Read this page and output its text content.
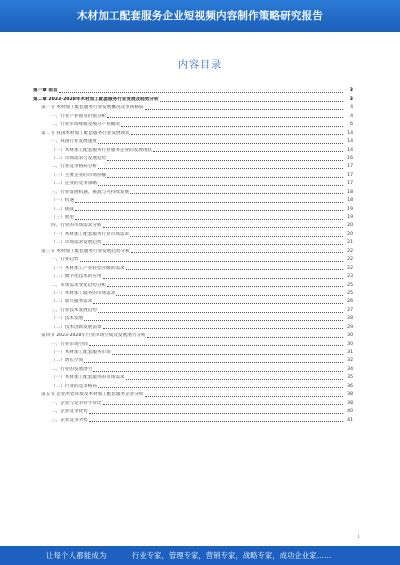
木材加工配套服务企业短视频内容制作策略研究报告
内容目录
第一章 前言	3
第二章 2023-2028年木材加工配套服务行业发展及趋势分析	3
第一节 木材加工配套服务行业发展概况及市场格局	4
一、行业产业链及价值分析	4
二、行业市场规模及细分产业概况	6
第二节 我国木材加工配套服务行业发展现状	14
一、我国行业发展速度	14
（一）木材加工配套服务行业服务企业的发展现状	14
（二）市场需求与发展趋势	16
二、行业竞争格局分析	17
（一）主要企业的市场份额	17
（二）企业的竞争策略	17
三、行业发展机遇、挑战与可持续发展	18
（一）机遇	18
（二）挑战	19
（三）展望	19
四、行业的市场需求分析	20
（一）木材加工配套服务行业市场需求	20
（二）市场需求发展趋势	21
第三节 木材加工配套服务行业发展趋势分析	22
一、行业趋势	22
（一）木材加工产业转型升级的需求	22
（二）数字化技术的应用	23
二、市场需求变化趋势分析	25
（一）木材加工服务的市场需求	25
（二）新兴服务需求	26
三、行业技术发展趋势	27
（一）技术发展	28
（二）技术创新发展前景	29
第四节 2023-2028年行业市场空间及发展潜力分析	30
一、行业市场空间	30
（一）木材加工配套服务市场	31
（二）增长空间	32
二、行业的发展潜力	34
（一）木材加工配套服务的市场需求	35
（二）行业的竞争格局	36
第五节 企业所处环境及木材加工配套服务企业分析	38
一、企业与竞争对手对比	38
二、企业竞争优势	40
三、企业竞争劣势	41
1
让每个人都能成为	行业专家，管理专家，营销专家，战略专家，成功企业家……
